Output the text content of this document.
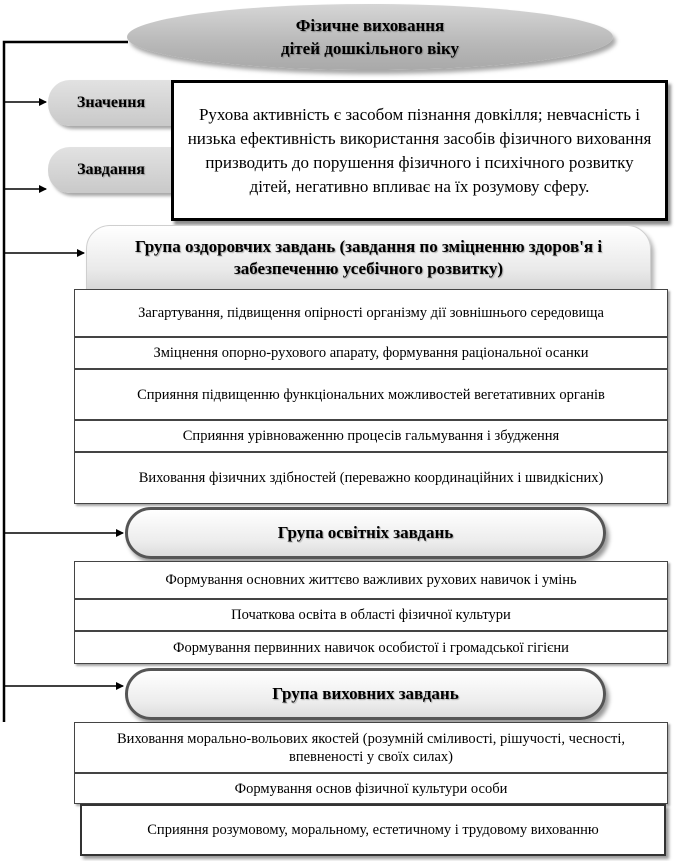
Фізичне виховання дітей дошкільного віку
Значення
Завдання
Рухова активність є засобом пізнання довкілля; невчасність і низька ефективність використання засобів фізичного виховання призводить до порушення фізичного і психічного розвитку дітей, негативно впливає на їх розумову сферу.
Група оздоровчих завдань (завдання по зміцненню здоров'я і забезпеченню усебічного розвитку)
Загартування, підвищення опірності організму дії зовнішнього середовища
Зміцнення опорно-рухового апарату, формування раціональної осанки
Сприяння підвищенню функціональних можливостей вегетативних органів
Сприяння урівноваженню процесів гальмування і збудження
Виховання фізичних здібностей (переважно координаційних і швидкісних)
Група освітніх завдань
Формування основних життєво важливих рухових навичок і умінь
Початкова освіта в області фізичної культури
Формування первинних навичок особистої і громадської гігієни
Група виховних завдань
Виховання морально-вольових якостей (розумній сміливості, рішучості, чесності, впевненості у своїх силах)
Формування основ фізичної культури особи
Сприяння розумовому, моральному, естетичному і трудовому вихованню
